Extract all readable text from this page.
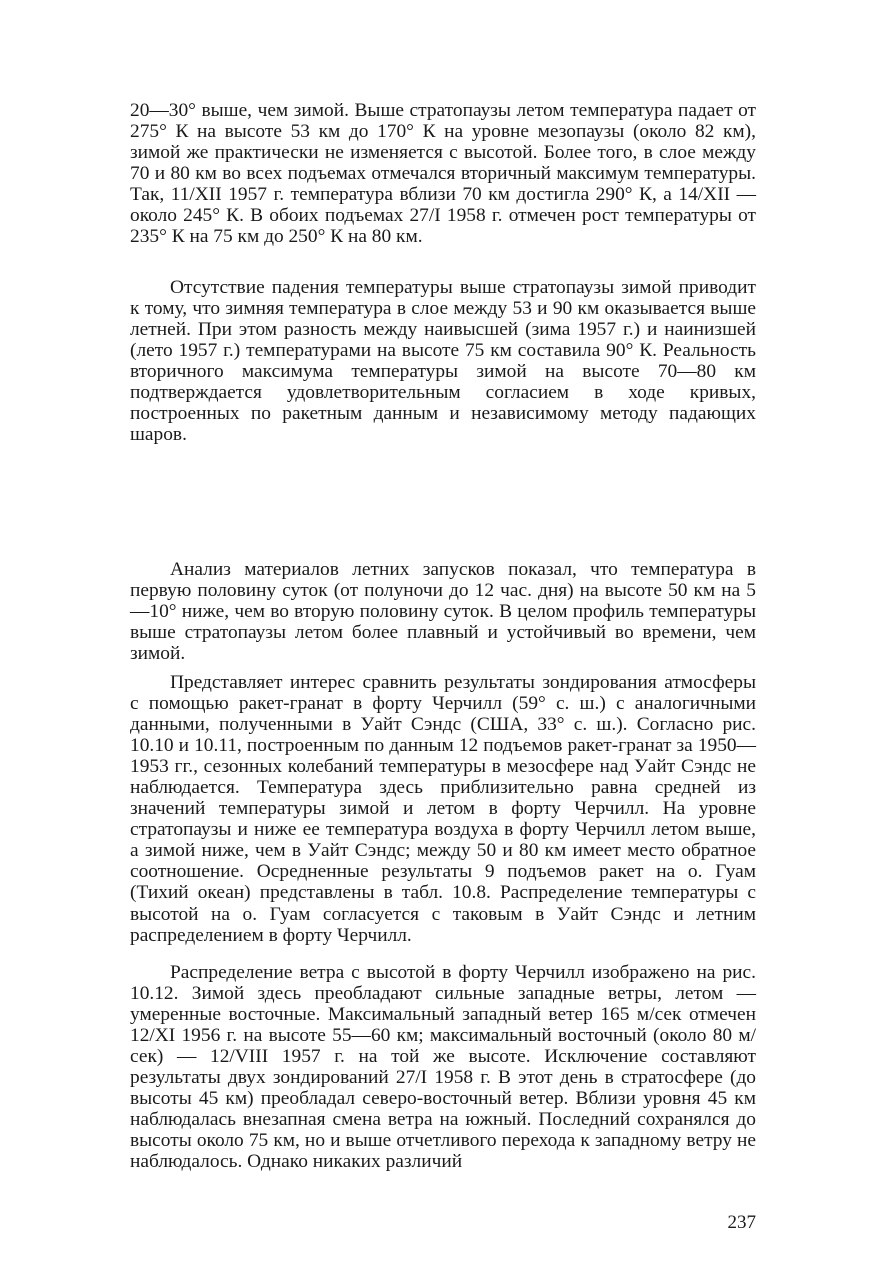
20—30° выше, чем зимой. Выше стратопаузы летом температура падает от 275° К на высоте 53 км до 170° К на уровне мезопаузы (около 82 км), зимой же практически не изменяется с высотой. Более того, в слое между 70 и 80 км во всех подъемах отмечался вторичный максимум температуры. Так, 11/XII 1957 г. температура вблизи 70 км достигла 290° К, а 14/XII — около 245° К. В обоих подъемах 27/I 1958 г. отмечен рост температуры от 235° К на 75 км до 250° К на 80 км.

Отсутствие падения температуры выше стратопаузы зимой приводит к тому, что зимняя температура в слое между 53 и 90 км оказывается выше летней. При этом разность между наивысшей (зима 1957 г.) и наинизшей (лето 1957 г.) температурами на высоте 75 км составила 90° К. Реальность вторичного максимума температуры зимой на высоте 70—80 км подтверждается удовлетворительным согласием в ходе кривых, построенных по ракетным данным и независимому методу падающих шаров.

Анализ материалов летних запусков показал, что температура в первую половину суток (от полуночи до 12 час. дня) на высоте 50 км на 5—10° ниже, чем во вторую половину суток. В целом профиль температуры выше стратопаузы летом более плавный и устойчивый во времени, чем зимой.

Представляет интерес сравнить результаты зондирования атмосферы с помощью ракет-гранат в форту Черчилл (59° с. ш.) с аналогичными данными, полученными в Уайт Сэндс (США, 33° с. ш.). Согласно рис. 10.10 и 10.11, построенным по данным 12 подъемов ракет-гранат за 1950—1953 гг., сезонных колебаний температуры в мезосфере над Уайт Сэндс не наблюдается. Температура здесь приблизительно равна средней из значений температуры зимой и летом в форту Черчилл. На уровне стратопаузы и ниже ее температура воздуха в форту Черчилл летом выше, а зимой ниже, чем в Уайт Сэндс; между 50 и 80 км имеет место обратное соотношение. Осредненные результаты 9 подъемов ракет на о. Гуам (Тихий океан) представлены в табл. 10.8. Распределение температуры с высотой на о. Гуам согласуется с таковым в Уайт Сэндс и летним распределением в форту Черчилл.

Распределение ветра с высотой в форту Черчилл изображено на рис. 10.12. Зимой здесь преобладают сильные западные ветры, летом — умеренные восточные. Максимальный западный ветер 165 м/сек отмечен 12/XI 1956 г. на высоте 55—60 км; максимальный восточный (около 80 м/сек) — 12/VIII 1957 г. на той же высоте. Исключение составляют результаты двух зондирований 27/I 1958 г. В этот день в стратосфере (до высоты 45 км) преобладал северо-восточный ветер. Вблизи уровня 45 км наблюдалась внезапная смена ветра на южный. Последний сохранялся до высоты около 75 км, но и выше отчетливого перехода к западному ветру не наблюдалось. Однако никаких различий

237
